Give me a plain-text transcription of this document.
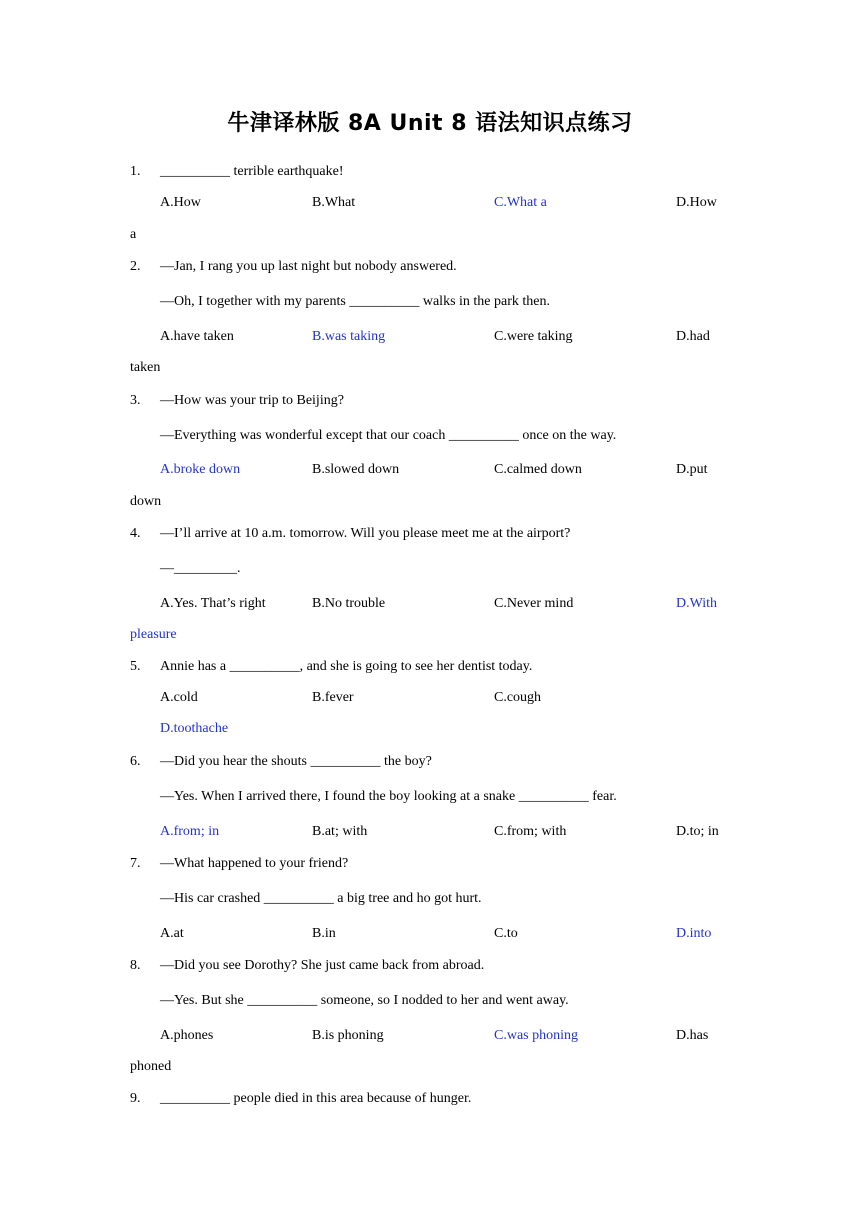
牛津译林版 8A Unit 8 语法知识点练习
1. __________ terrible earthquake!
A.How	B.What	C.What a	D.How
a
2. —Jan, I rang you up last night but nobody answered.
—Oh, I together with my parents __________ walks in the park then.
A.have taken	B.was taking	C.were taking	D.had
taken
3. —How was your trip to Beijing?
—Everything was wonderful except that our coach __________ once on the way.
A.broke down	B.slowed down	C.calmed down	D.put
down
4. —I’ll arrive at 10 a.m. tomorrow. Will you please meet me at the airport?
—_________.
A.Yes. That’s right	B.No trouble	C.Never mind	D.With
pleasure
5. Annie has a __________, and she is going to see her dentist today.
A.cold	B.fever	C.cough
D.toothache
6. —Did you hear the shouts __________ the boy?
—Yes. When I arrived there, I found the boy looking at a snake __________ fear.
A.from; in	B.at; with	C.from; with	D.to; in
7. —What happened to your friend?
—His car crashed __________ a big tree and ho got hurt.
A.at	B.in	C.to	D.into
8. —Did you see Dorothy? She just came back from abroad.
—Yes. But she __________ someone, so I nodded to her and went away.
A.phones	B.is phoning	C.was phoning	D.has
phoned
9. __________ people died in this area because of hunger.
